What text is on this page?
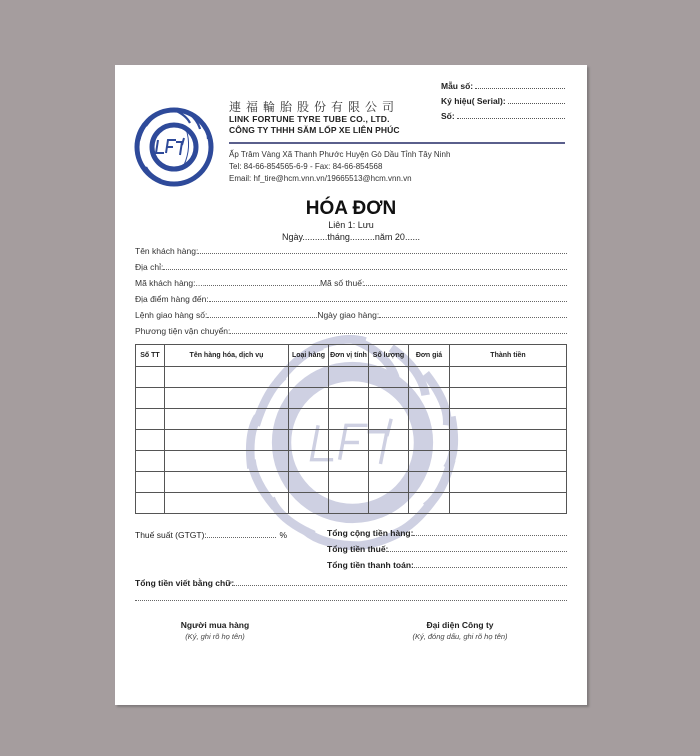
連福輪胎股份有限公司
LINK FORTUNE TYRE TUBE CO., LTD.
CÔNG TY THHH SĂM LỐP XE LIÊN PHÚC
Ấp Trâm Vàng Xã Thanh Phước Huyện Gò Dầu Tỉnh Tây Ninh
Tel: 84-66-854565-6-9 - Fax: 84-66-854568
Email: hf_tire@hcm.vnn.vn/19665513@hcm.vnn.vn
Mẫu số:
Ký hiệu( Serial):
Số:
HÓA ĐƠN
Liên 1: Lưu
Ngày..........tháng..........năm 20......
Tên khách hàng:
Địa chỉ:
Mã khách hàng:....	Mã số thuế:
Địa điểm hàng đến:
Lệnh giao hàng số:	Ngày giao hàng:
Phương tiện vận chuyển:
Số TT	Tên hàng hóa, dịch vụ	Loại hàng	Đơn vị tính	Số lượng	Đơn giá	Thành tiền

Thuế suất (GTGT):	%	Tổng cộng tiền hàng:
Tổng tiền thuế:
Tổng tiền thanh toán:
Tổng tiền viết bằng chữ:
Người mua hàng
(Ký, ghi rõ họ tên)
Đại diện Công ty
(Ký, đóng dấu, ghi rõ họ tên)
